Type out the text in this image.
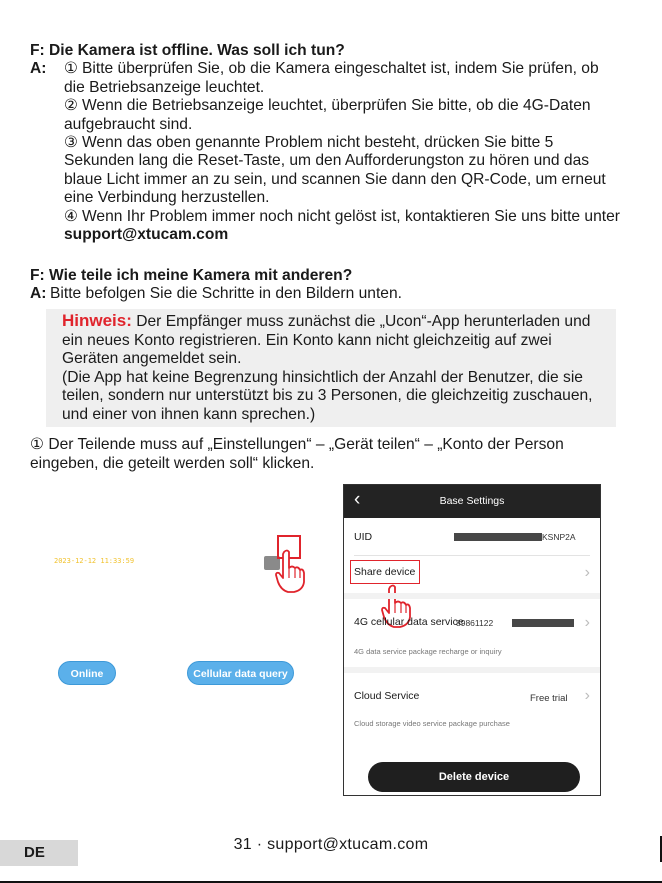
F: Die Kamera ist offline. Was soll ich tun?
A: ① Bitte überprüfen Sie, ob die Kamera eingeschaltet ist, indem Sie prüfen, ob die Betriebsanzeige leuchtet.
② Wenn die Betriebsanzeige leuchtet, überprüfen Sie bitte, ob die 4G-Daten aufgebraucht sind.
③ Wenn das oben genannte Problem nicht besteht, drücken Sie bitte 5 Sekunden lang die Reset-Taste, um den Aufforderungston zu hören und das blaue Licht immer an zu sein, und scannen Sie dann den QR-Code, um erneut eine Verbindung herzustellen.
④ Wenn Ihr Problem immer noch nicht gelöst ist, kontaktieren Sie uns bitte unter support@xtucam.com
F: Wie teile ich meine Kamera mit anderen?
A: Bitte befolgen Sie die Schritte in den Bildern unten.
Hinweis: Der Empfänger muss zunächst die „Ucon“-App herunterladen und ein neues Konto registrieren. Ein Konto kann nicht gleichzeitig auf zwei Geräten angemeldet sein.
(Die App hat keine Begrenzung hinsichtlich der Anzahl der Benutzer, die sie teilen, sondern nur unterstützt bis zu 3 Personen, die gleichzeitig zuschauen, und einer von ihnen kann sprechen.)
① Der Teilende muss auf „Einstellungen“ – „Gerät teilen“ – „Konto der Person eingeben, die geteilt werden soll“ klicken.
2023-12-12 11:33:59
Online	Cellular data query
‹	Base Settings
UID	KSNP2A
Share device	›
4G cellular data service
89861122	›
4G data service package recharge or inquiry
Cloud Service	Free trial ›
Cloud storage video service package purchase
Delete device
DE	31 · support@xtucam.com
